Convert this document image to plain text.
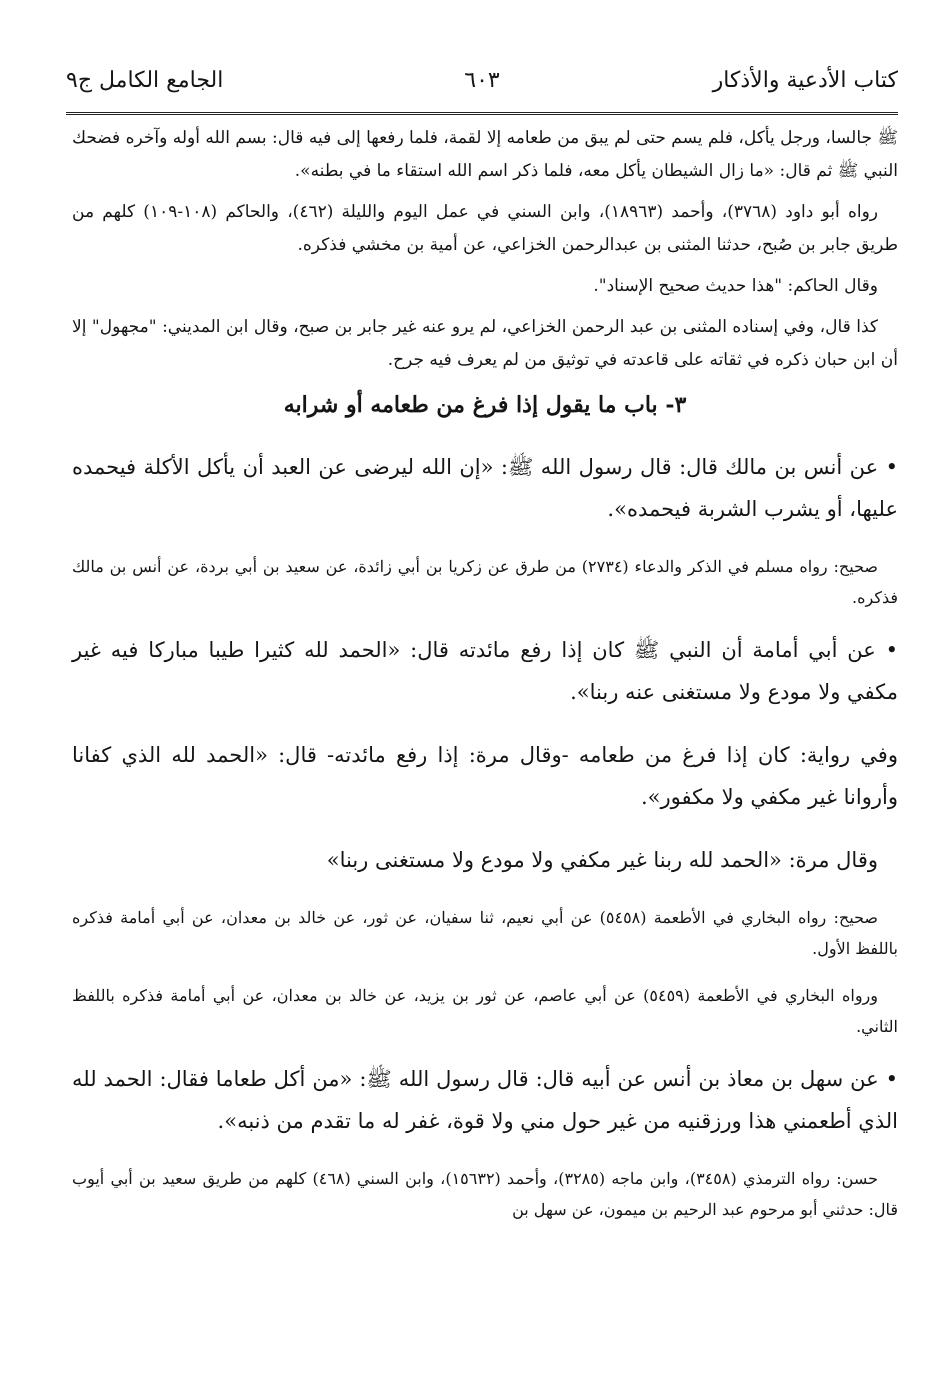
كتاب الأدعية والأذكار
٦٠٣
الجامع الكامل ج٩

ﷺ جالسا، ورجل يأكل، فلم يسم حتى لم يبق من طعامه إلا لقمة، فلما رفعها إلى فيه قال: بسم الله أوله وآخره فضحك النبي ﷺ ثم قال: «ما زال الشيطان يأكل معه، فلما ذكر اسم الله استقاء ما في بطنه».

رواه أبو داود (٣٧٦٨)، وأحمد (١٨٩٦٣)، وابن السني في عمل اليوم والليلة (٤٦٢)، والحاكم (١٠٨-١٠٩) كلهم من طريق جابر بن صُبح، حدثنا المثنى بن عبدالرحمن الخزاعي، عن أمية بن مخشي فذكره.

وقال الحاكم: "هذا حديث صحيح الإسناد".

كذا قال، وفي إسناده المثنى بن عبد الرحمن الخزاعي، لم يرو عنه غير جابر بن صبح، وقال ابن المديني: "مجهول" إلا أن ابن حبان ذكره في ثقاته على قاعدته في توثيق من لم يعرف فيه جرح.

٣- باب ما يقول إذا فرغ من طعامه أو شرابه

• عن أنس بن مالك قال: قال رسول الله ﷺ: «إن الله ليرضى عن العبد أن يأكل الأكلة فيحمده عليها، أو يشرب الشربة فيحمده».

صحيح: رواه مسلم في الذكر والدعاء (٢٧٣٤) من طرق عن زكريا بن أبي زائدة، عن سعيد بن أبي بردة، عن أنس بن مالك فذكره.

• عن أبي أمامة أن النبي ﷺ كان إذا رفع مائدته قال: «الحمد لله كثيرا طيبا مباركا فيه غير مكفي ولا مودع ولا مستغنى عنه ربنا».

وفي رواية: كان إذا فرغ من طعامه -وقال مرة: إذا رفع مائدته- قال: «الحمد لله الذي كفانا وأروانا غير مكفي ولا مكفور».

وقال مرة: «الحمد لله ربنا غير مكفي ولا مودع ولا مستغنى ربنا»

صحيح: رواه البخاري في الأطعمة (٥٤٥٨) عن أبي نعيم، ثنا سفيان، عن ثور، عن خالد بن معدان، عن أبي أمامة فذكره باللفظ الأول.

ورواه البخاري في الأطعمة (٥٤٥٩) عن أبي عاصم، عن ثور بن يزيد، عن خالد بن معدان، عن أبي أمامة فذكره باللفظ الثاني.

• عن سهل بن معاذ بن أنس عن أبيه قال: قال رسول الله ﷺ: «من أكل طعاما فقال: الحمد لله الذي أطعمني هذا ورزقنيه من غير حول مني ولا قوة، غفر له ما تقدم من ذنبه».

حسن: رواه الترمذي (٣٤٥٨)، وابن ماجه (٣٢٨٥)، وأحمد (١٥٦٣٢)، وابن السني (٤٦٨) كلهم من طريق سعيد بن أبي أيوب قال: حدثني أبو مرحوم عبد الرحيم بن ميمون، عن سهل بن
